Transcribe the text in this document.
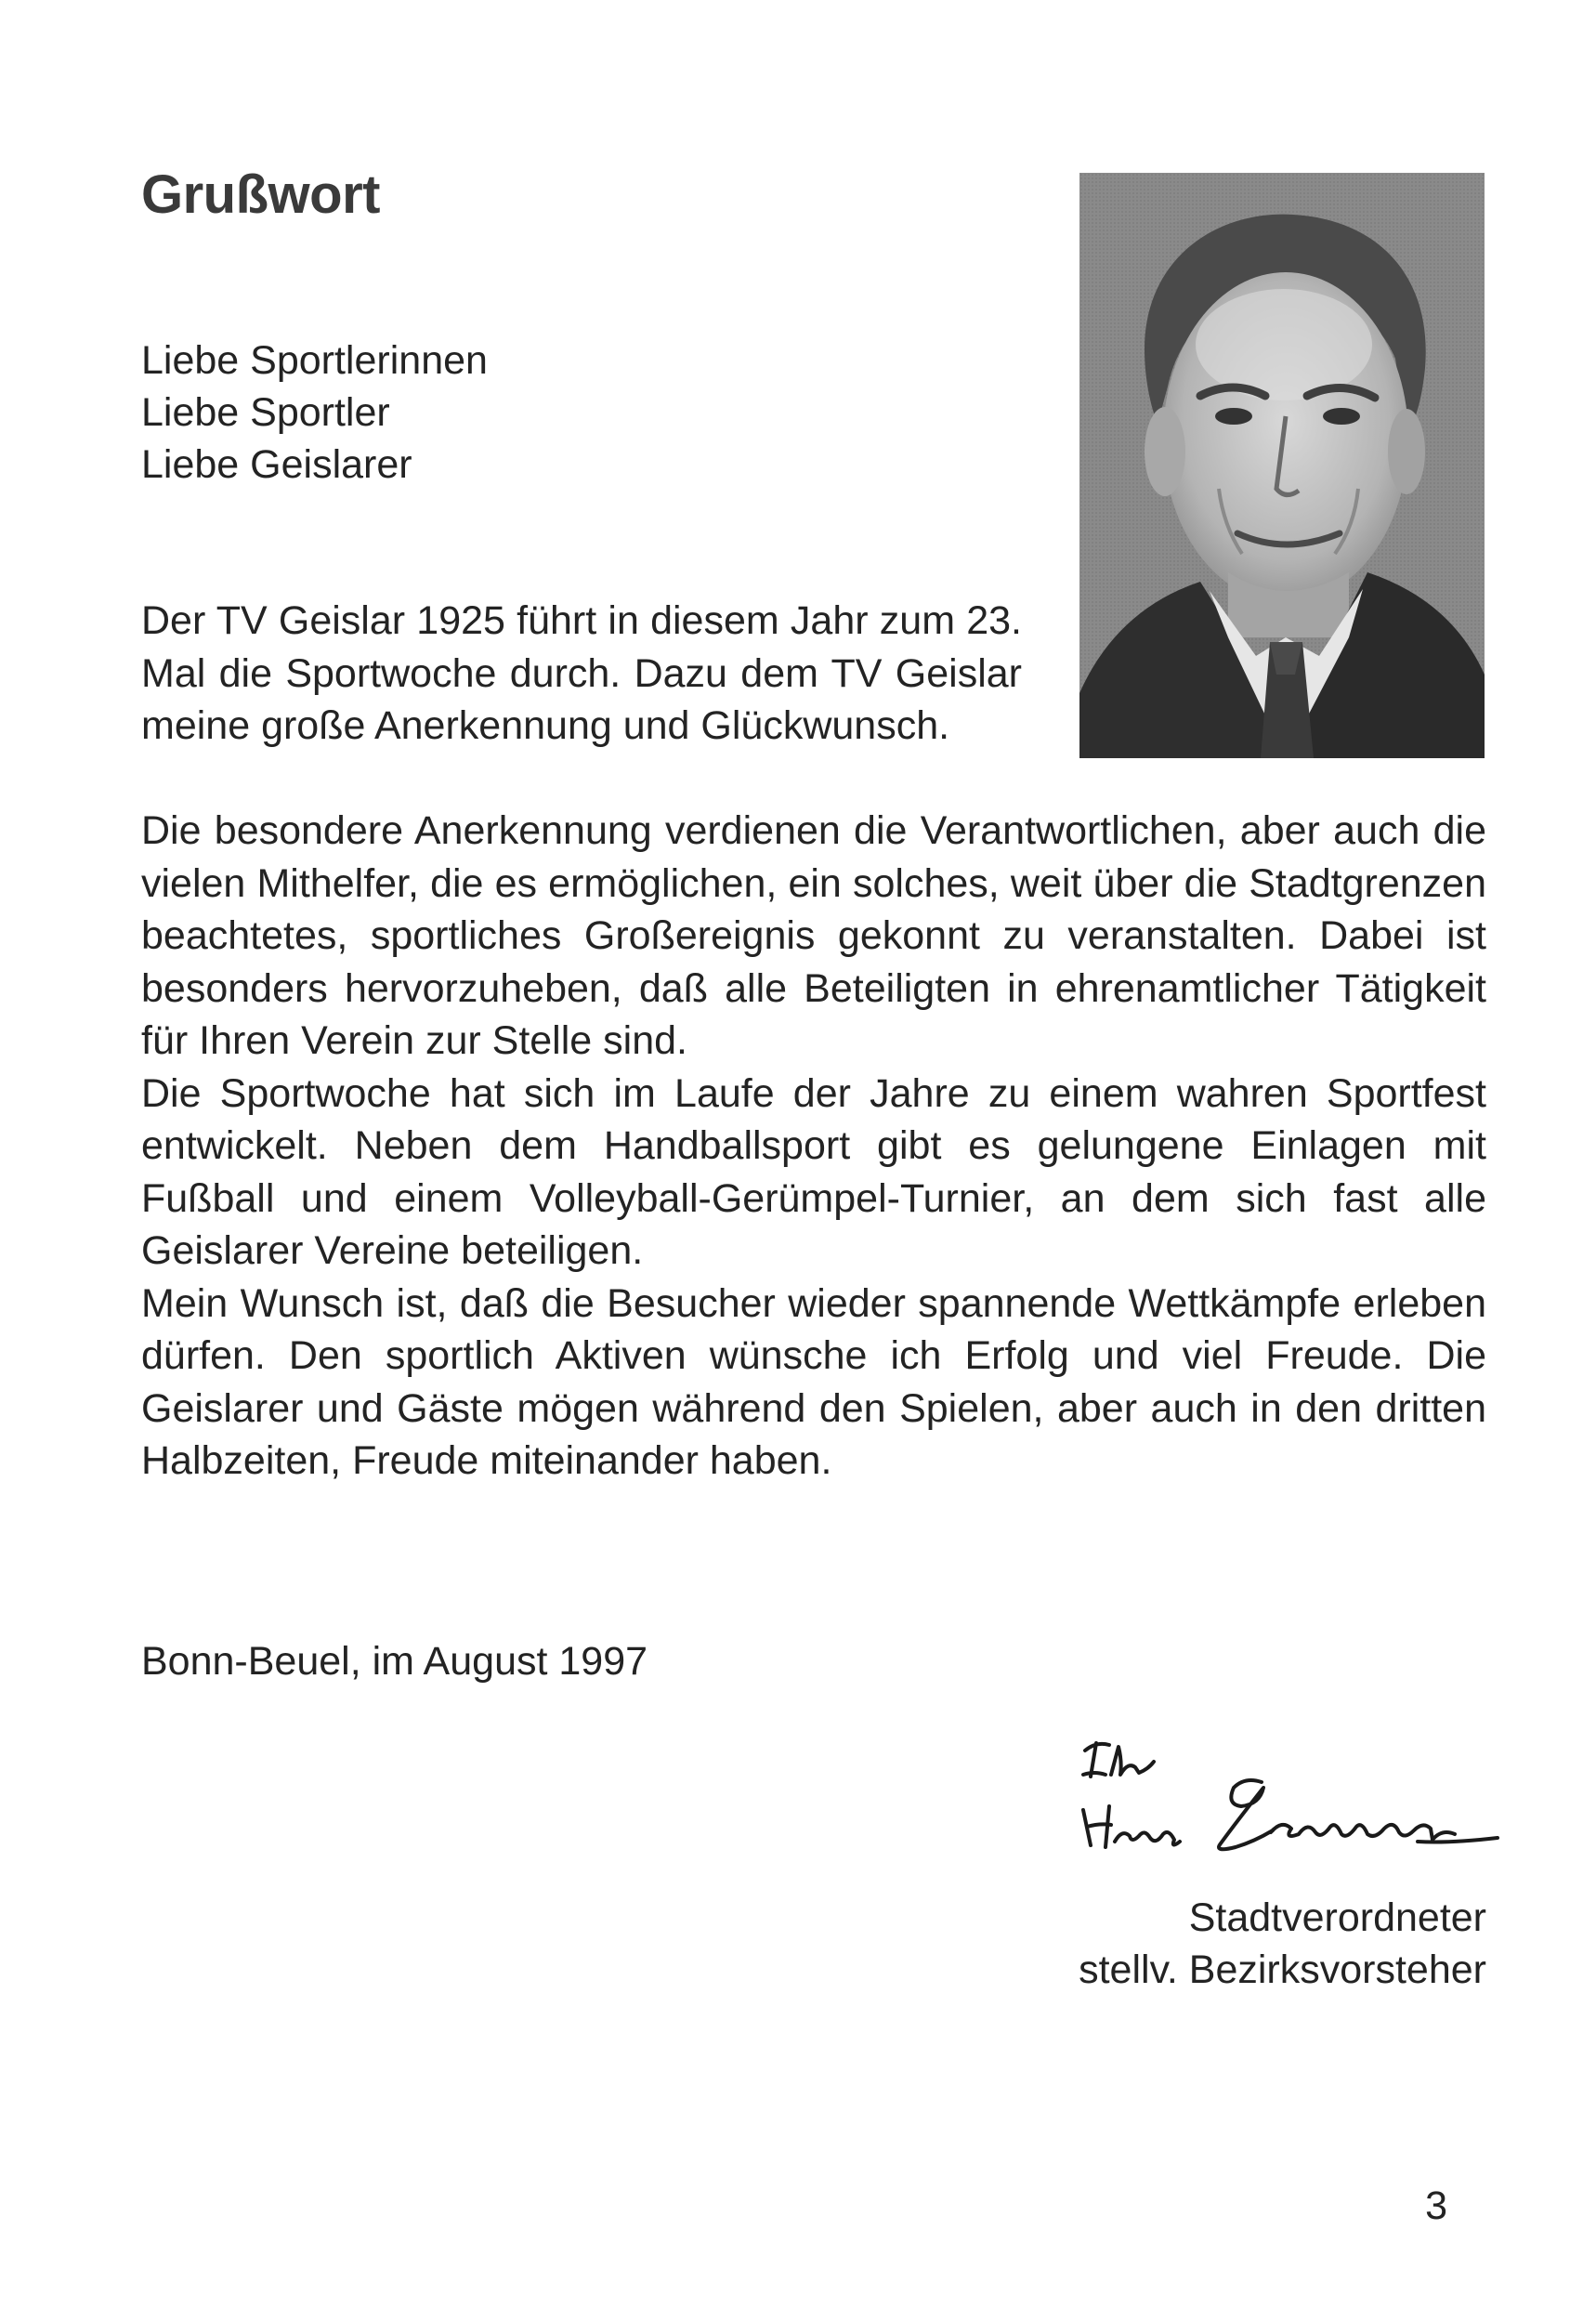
Grußwort
Liebe Sportlerinnen
Liebe Sportler
Liebe Geislarer

Der TV Geislar 1925 führt in diesem Jahr zum 23. Mal die Sportwoche durch. Dazu dem TV Geislar meine große Anerkennung und Glückwunsch.

Die besondere Anerkennung verdienen die Verantwortlichen, aber auch die vielen Mithelfer, die es ermöglichen, ein solches, weit über die Stadtgrenzen beachtetes, sportliches Großereignis gekonnt zu veranstalten. Dabei ist besonders hervorzuheben, daß alle Beteiligten in ehrenamtlicher Tätigkeit für Ihren Verein zur Stelle sind.

Die Sportwoche hat sich im Laufe der Jahre zu einem wahren Sportfest entwickelt. Neben dem Handballsport gibt es gelungene Einlagen mit Fußball und einem Volleyball-Gerümpel-Turnier, an dem sich fast alle Geislarer Vereine beteiligen.

Mein Wunsch ist, daß die Besucher wieder spannende Wettkämpfe erleben dürfen. Den sportlich Aktiven wünsche ich Erfolg und viel Freude. Die Geislarer und Gäste mögen während den Spielen, aber auch in den dritten Halbzeiten, Freude miteinander haben.

Bonn-Beuel, im August 1997
Stadtverordneter
stellv. Bezirksvorsteher
3
